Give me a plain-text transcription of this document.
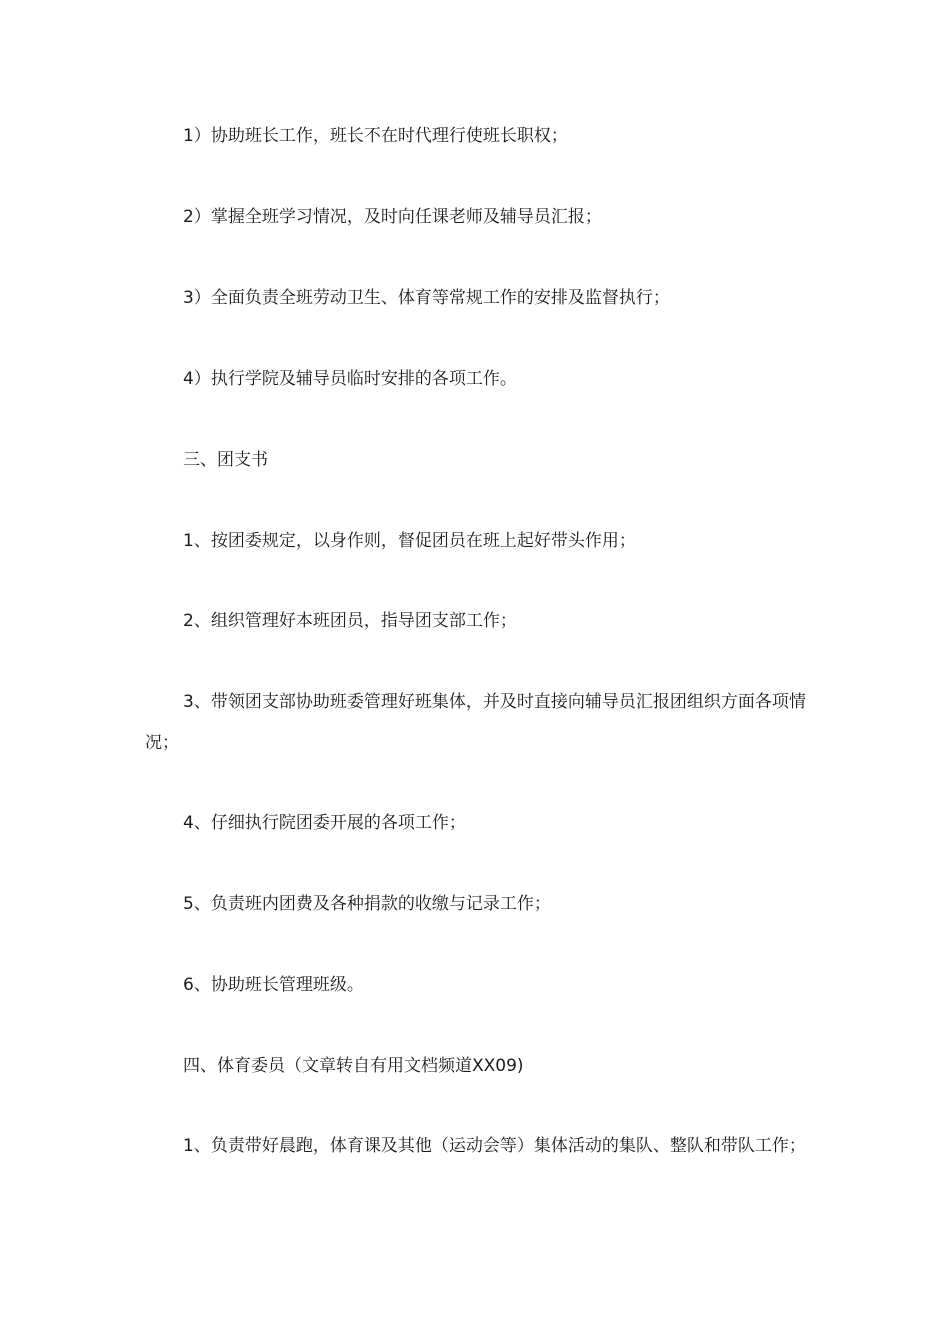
1）协助班长工作，班长不在时代理行使班长职权；

2）掌握全班学习情况，及时向任课老师及辅导员汇报；

3）全面负责全班劳动卫生、体育等常规工作的安排及监督执行；

4）执行学院及辅导员临时安排的各项工作。

三、团支书

1、按团委规定，以身作则，督促团员在班上起好带头作用；

2、组织管理好本班团员，指导团支部工作；

3、带领团支部协助班委管理好班集体，并及时直接向辅导员汇报团组织方面各项情况；

4、仔细执行院团委开展的各项工作；

5、负责班内团费及各种捐款的收缴与记录工作；

6、协助班长管理班级。

四、体育委员（文章转自有用文档频道XX09)

1、负责带好晨跑，体育课及其他（运动会等）集体活动的集队、整队和带队工作；
